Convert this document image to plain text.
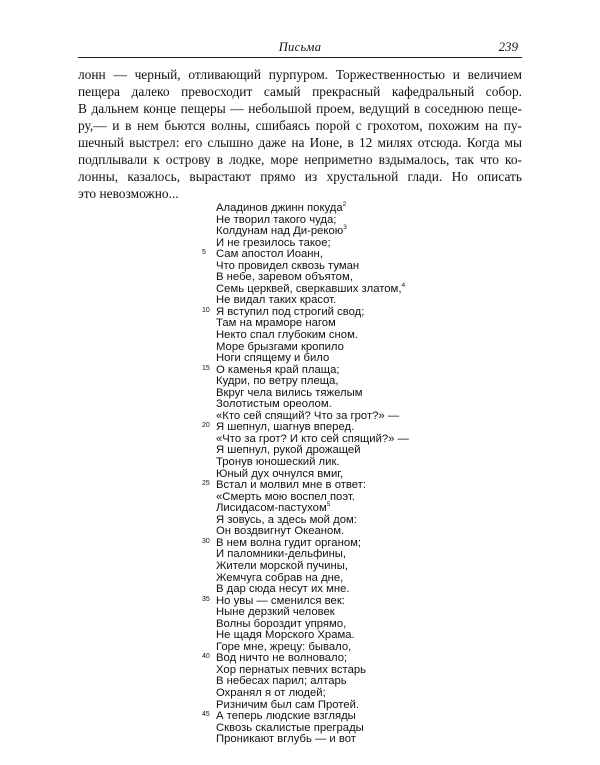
Письма	239
лонн — черный, отливающий пурпуром. Торжественностью и величием
пещера далеко превосходит самый прекрасный кафедральный собор.
В дальнем конце пещеры — небольшой проем, ведущий в соседнюю пеще-
ру,— и в нем бьются волны, сшибаясь порой с грохотом, похожим на пу-
шечный выстрел: его слышно даже на Ионе, в 12 милях отсюда. Когда мы
подплывали к острову в лодке, море неприметно вздымалось, так что ко-
лонны, казалось, вырастают прямо из хрустальной глади. Но описать
это невозможно...
Аладинов джинн покуда$^2$
Не творил такого чуда;
Колдунам над Ди-рекою$^3$
И не грезилось такое;
5 Сам апостол Иоанн,
Что провидел сквозь туман
В небе, заревом объятом,
Семь церквей, сверкавших златом,$^4$
Не видал таких красот.
10 Я вступил под строгий свод;
Там на мраморе нагом
Некто спал глубоким сном.
Море брызгами кропило
Ноги спящему и било
15 О каменья край плаща;
Кудри, по ветру плеща,
Вкруг чела вились тяжелым
Золотистым ореолом.
«Кто сей спящий? Что за грот?» —
20 Я шепнул, шагнув вперед.
«Что за грот? И кто сей спящий?» —
Я шепнул, рукой дрожащей
Тронув юношеский лик.
Юный дух очнулся вмиг,
25 Встал и молвил мне в ответ:
«Смерть мою воспел поэт.
Лисидасом-пастухом$^5$
Я зовусь, а здесь мой дом:
Он воздвигнут Океаном.
30 В нем волна гудит органом;
И паломники-дельфины,
Жители морской пучины,
Жемчуга собрав на дне,
В дар сюда несут их мне.
35 Но увы — сменился век:
Ныне дерзкий человек
Волны бороздит упрямо,
Не щадя Морского Храма.
Горе мне, жрецу: бывало,
40 Вод ничто не волновало;
Хор пернатых певчих встарь
В небесах парил; алтарь
Охранял я от людей;
Ризничим был сам Протей.
45 А теперь людские взгляды
Сквозь скалистые преграды
Проникают вглубь — и вот
